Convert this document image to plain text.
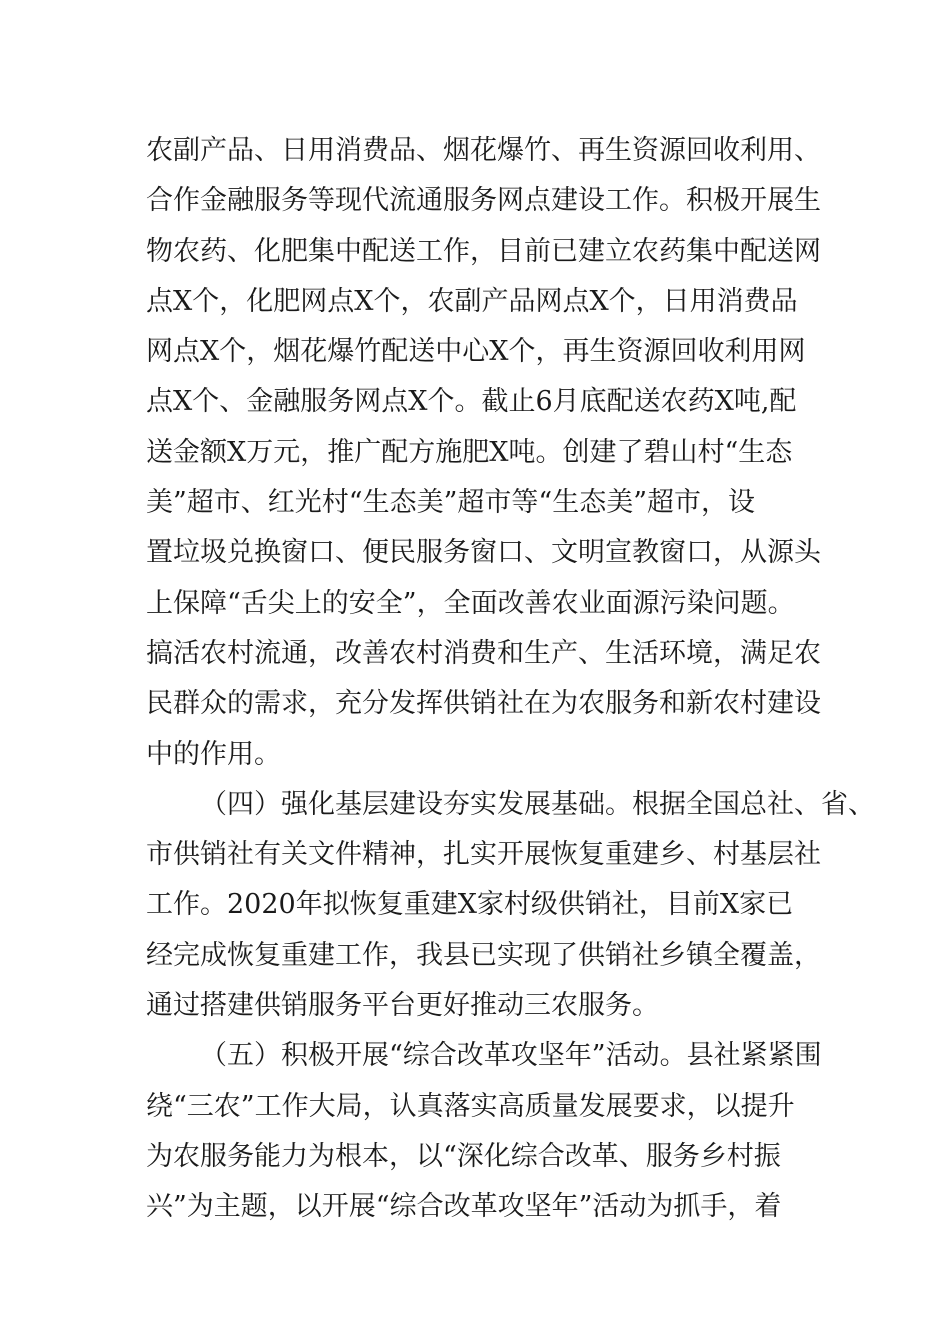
农副产品、日用消费品、烟花爆竹、再生资源回收利用、
合作金融服务等现代流通服务网点建设工作。积极开展生
物农药、化肥集中配送工作，目前已建立农药集中配送网
点X个，化肥网点X个，农副产品网点X个，日用消费品
网点X个，烟花爆竹配送中心X个，再生资源回收利用网
点X个、金融服务网点X个。截止6月底配送农药X吨,配
送金额X万元，推广配方施肥X吨。创建了碧山村“生态
美”超市、红光村“生态美”超市等“生态美”超市，设
置垃圾兑换窗口、便民服务窗口、文明宣教窗口，从源头
上保障“舌尖上的安全”，全面改善农业面源污染问题。
搞活农村流通，改善农村消费和生产、生活环境，满足农
民群众的需求，充分发挥供销社在为农服务和新农村建设
中的作用。
（四）强化基层建设夯实发展基础。根据全国总社、省、
市供销社有关文件精神，扎实开展恢复重建乡、村基层社
工作。2020年拟恢复重建X家村级供销社，目前X家已
经完成恢复重建工作，我县已实现了供销社乡镇全覆盖，
通过搭建供销服务平台更好推动三农服务。
（五）积极开展“综合改革攻坚年”活动。县社紧紧围
绕“三农”工作大局，认真落实高质量发展要求，以提升
为农服务能力为根本，以“深化综合改革、服务乡村振
兴”为主题，以开展“综合改革攻坚年”活动为抓手，着
